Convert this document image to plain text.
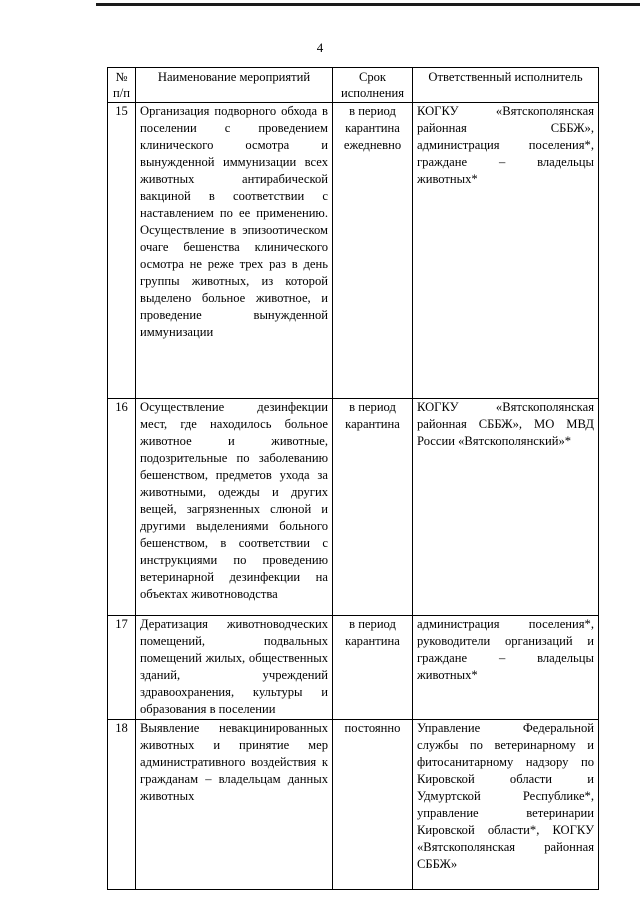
4
№ п/п	Наименование мероприятий	Срок исполнения	Ответственный исполнитель
15	Организация подворного обхода в поселении с проведением клинического осмотра и вынужденной иммунизации всех животных антирабической вакциной в соответствии с наставлением по ее применению. Осуществление в эпизоотическом очаге бешенства клинического осмотра не реже трех раз в день группы животных, из которой выделено больное животное, и проведение вынужденной иммунизации	в период карантина ежедневно	КОГКУ «Вятскополянская районная СББЖ», администрация поселения*, граждане – владельцы животных*
16	Осуществление дезинфекции мест, где находилось больное животное и животные, подозрительные по заболеванию бешенством, предметов ухода за животными, одежды и других вещей, загрязненных слюной и другими выделениями больного бешенством, в соответствии с инструкциями по проведению ветеринарной дезинфекции на объектах животноводства	в период карантина	КОГКУ «Вятскополянская районная СББЖ», МО МВД России «Вятскополянский»*
17	Дератизация животноводческих помещений, подвальных помещений жилых, общественных зданий, учреждений здравоохранения, культуры и образования в поселении	в период карантина	администрация поселения*, руководители организаций и граждане – владельцы животных*
18	Выявление невакцинированных животных и принятие мер административного воздействия к гражданам – владельцам данных животных	постоянно	Управление Федеральной службы по ветеринарному и фитосанитарному надзору по Кировской области и Удмуртской Республике*, управление ветеринарии Кировской области*, КОГКУ «Вятскополянская районная СББЖ»
